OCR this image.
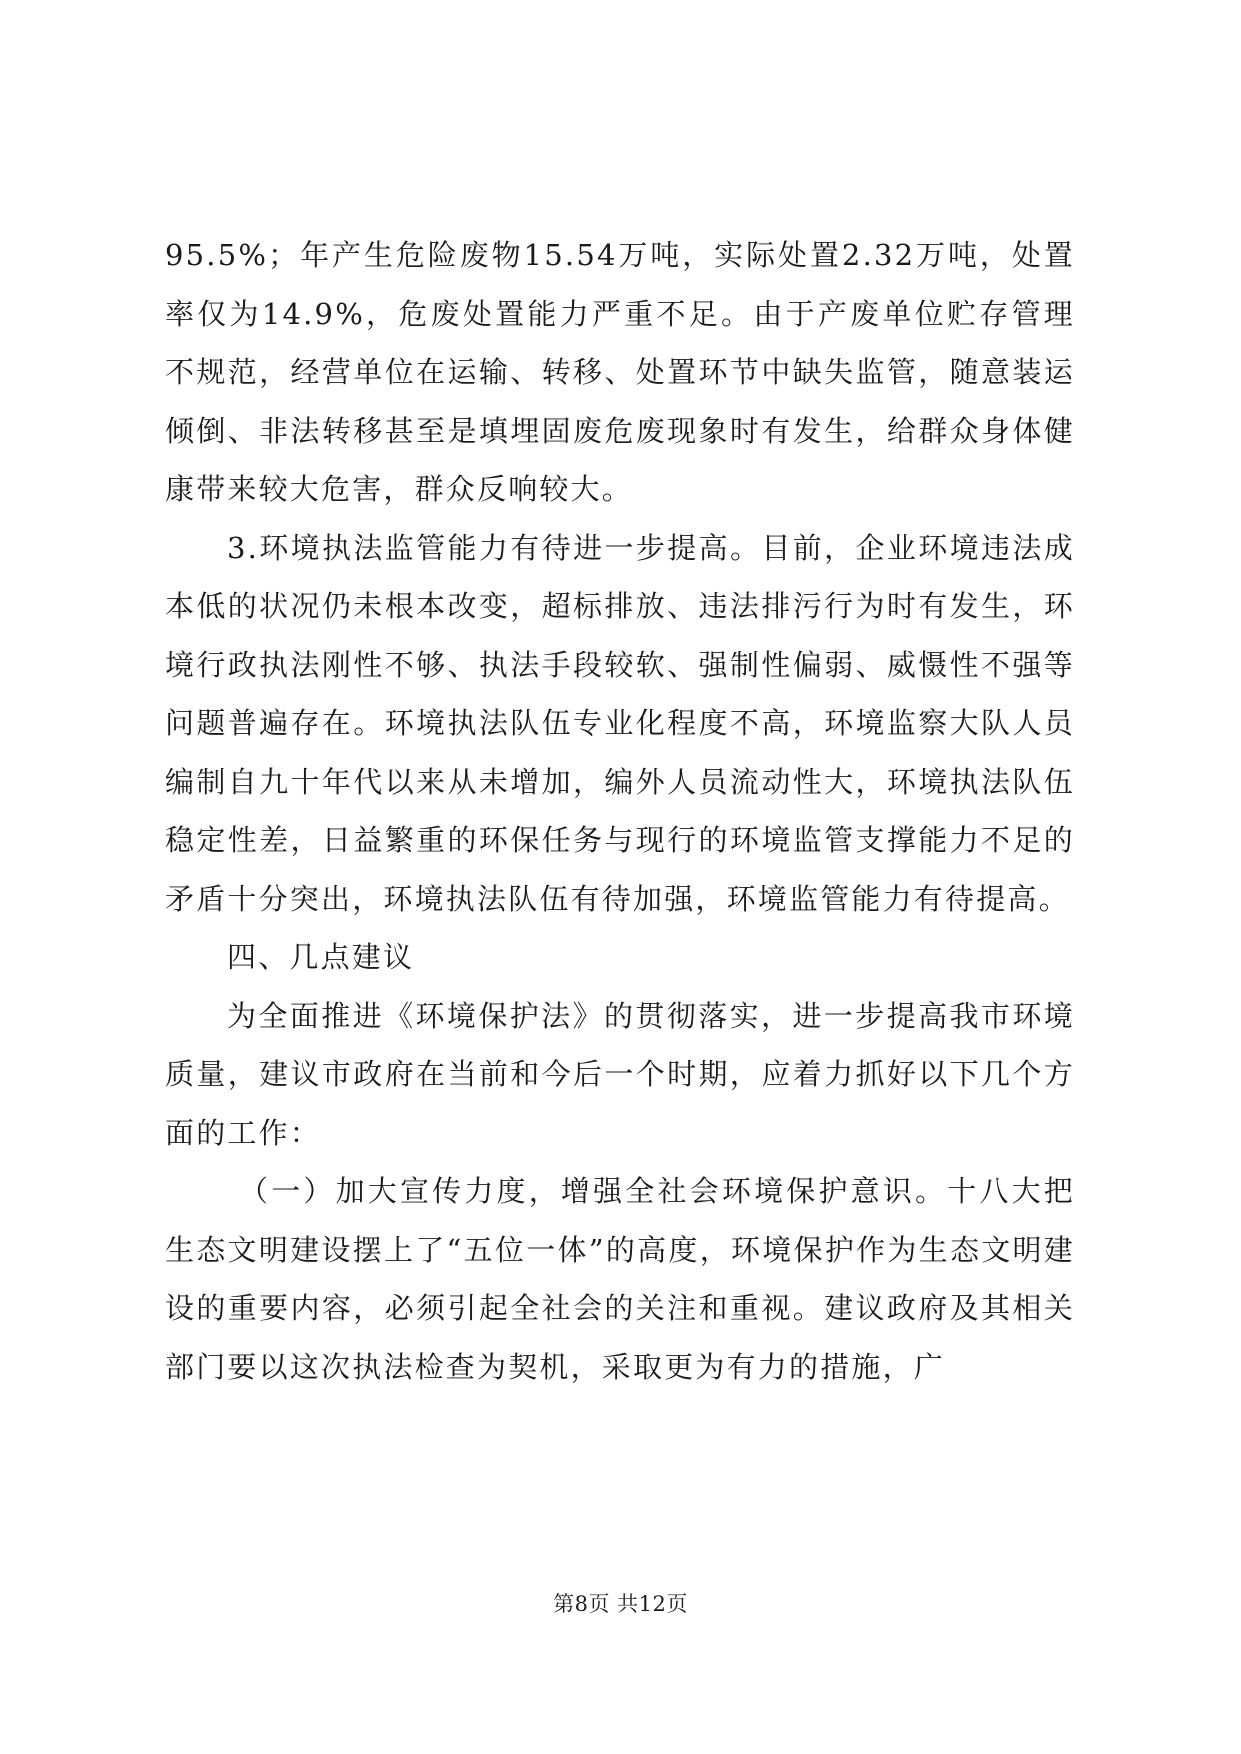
95.5%；年产生危险废物15.54万吨，实际处置2.32万吨，处置率仅为14.9%，危废处置能力严重不足。由于产废单位贮存管理不规范，经营单位在运输、转移、处置环节中缺失监管，随意装运倾倒、非法转移甚至是填埋固废危废现象时有发生，给群众身体健康带来较大危害，群众反响较大。

3.环境执法监管能力有待进一步提高。目前，企业环境违法成本低的状况仍未根本改变，超标排放、违法排污行为时有发生，环境行政执法刚性不够、执法手段较软、强制性偏弱、威慑性不强等问题普遍存在。环境执法队伍专业化程度不高，环境监察大队人员编制自九十年代以来从未增加，编外人员流动性大，环境执法队伍稳定性差，日益繁重的环保任务与现行的环境监管支撑能力不足的矛盾十分突出，环境执法队伍有待加强，环境监管能力有待提高。

四、几点建议

为全面推进《环境保护法》的贯彻落实，进一步提高我市环境质量，建议市政府在当前和今后一个时期，应着力抓好以下几个方面的工作：

（一）加大宣传力度，增强全社会环境保护意识。十八大把生态文明建设摆上了“五位一体”的高度，环境保护作为生态文明建设的重要内容，必须引起全社会的关注和重视。建议政府及其相关部门要以这次执法检查为契机，采取更为有力的措施，广

第8页 共12页
